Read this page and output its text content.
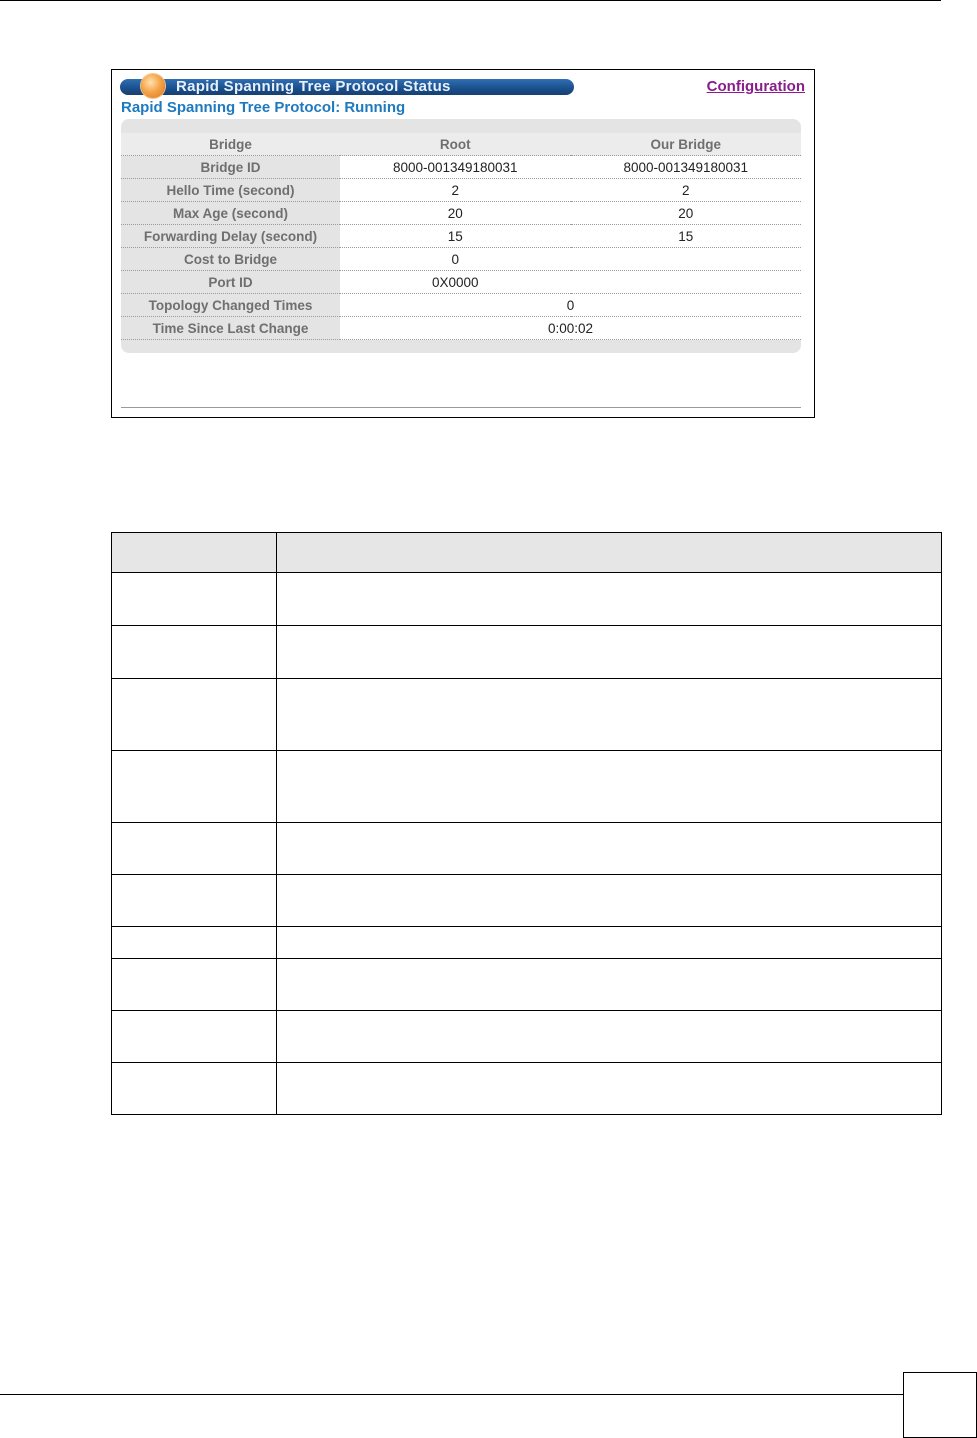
Rapid Spanning Tree Protocol Status	Configuration
Rapid Spanning Tree Protocol: Running
Bridge	Root	Our Bridge
Bridge ID	8000-001349180031	8000-001349180031
Hello Time (second)	2	2
Max Age (second)	20	20
Forwarding Delay (second)	15	15
Cost to Bridge	0	
Port ID	0X0000	
Topology Changed Times	0	
Time Since Last Change	0:00:02	
